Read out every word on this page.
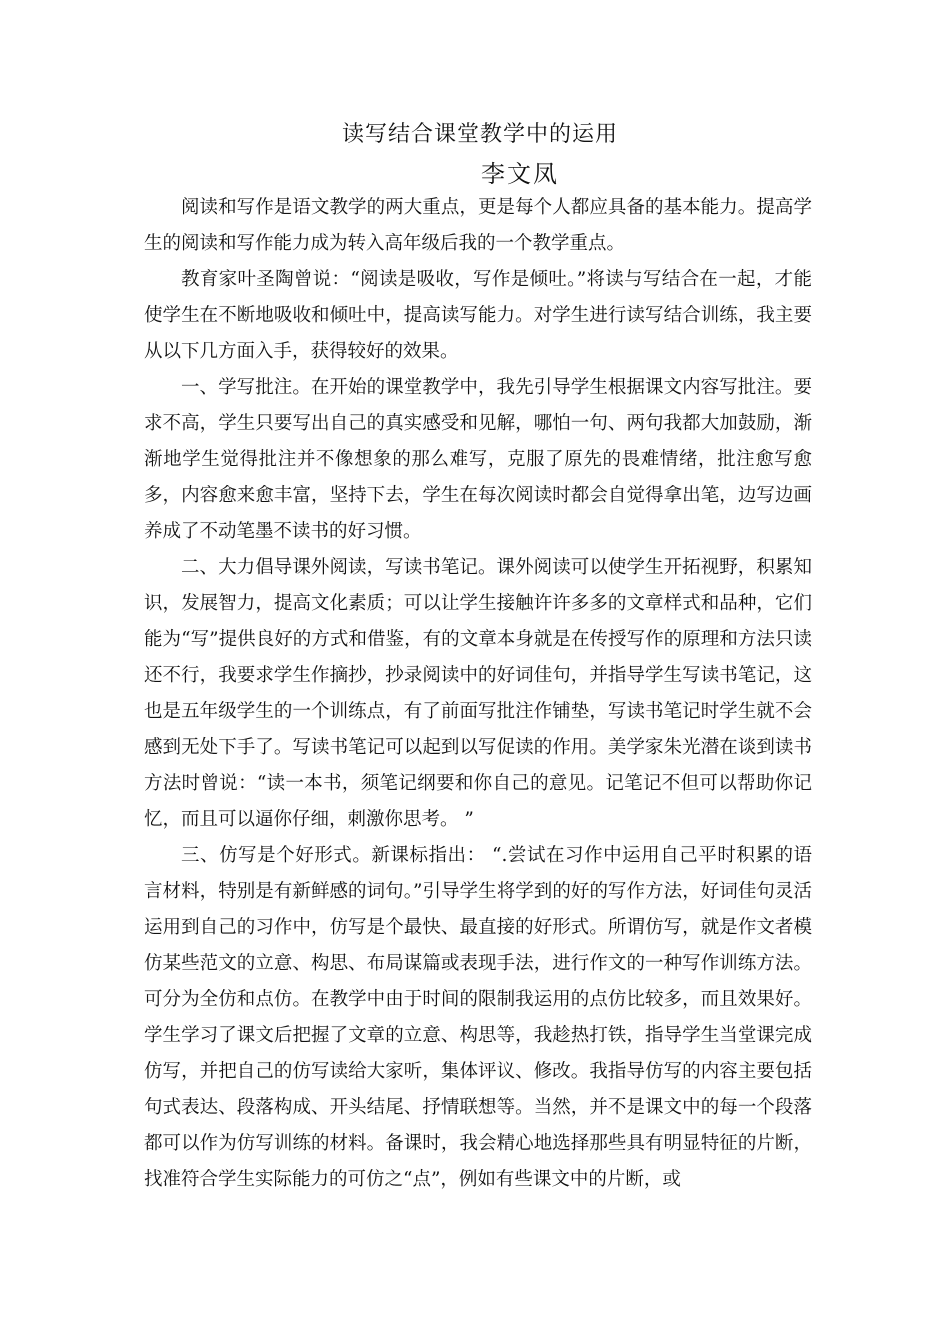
读写结合课堂教学中的运用
李文凤

阅读和写作是语文教学的两大重点，更是每个人都应具备的基本能力。提高学生的阅读和写作能力成为转入高年级后我的一个教学重点。

教育家叶圣陶曾说：“阅读是吸收，写作是倾吐。”将读与写结合在一起，才能使学生在不断地吸收和倾吐中，提高读写能力。对学生进行读写结合训练，我主要从以下几方面入手，获得较好的效果。

一、学写批注。在开始的课堂教学中，我先引导学生根据课文内容写批注。要求不高，学生只要写出自己的真实感受和见解，哪怕一句、两句我都大加鼓励，渐渐地学生觉得批注并不像想象的那么难写，克服了原先的畏难情绪，批注愈写愈多，内容愈来愈丰富，坚持下去，学生在每次阅读时都会自觉得拿出笔，边写边画养成了不动笔墨不读书的好习惯。

二、大力倡导课外阅读，写读书笔记。课外阅读可以使学生开拓视野，积累知识，发展智力，提高文化素质；可以让学生接触许许多多的文章样式和品种，它们能为“写”提供良好的方式和借鉴，有的文章本身就是在传授写作的原理和方法只读还不行，我要求学生作摘抄，抄录阅读中的好词佳句，并指导学生写读书笔记，这也是五年级学生的一个训练点，有了前面写批注作铺垫，写读书笔记时学生就不会感到无处下手了。写读书笔记可以起到以写促读的作用。美学家朱光潜在谈到读书方法时曾说：“读一本书，须笔记纲要和你自己的意见。记笔记不但可以帮助你记忆，而且可以逼你仔细，刺激你思考。 ”

三、仿写是个好形式。新课标指出： “.尝试在习作中运用自己平时积累的语言材料，特别是有新鲜感的词句。”引导学生将学到的好的写作方法，好词佳句灵活运用到自己的习作中，仿写是个最快、最直接的好形式。所谓仿写，就是作文者模仿某些范文的立意、构思、布局谋篇或表现手法，进行作文的一种写作训练方法。可分为全仿和点仿。在教学中由于时间的限制我运用的点仿比较多，而且效果好。学生学习了课文后把握了文章的立意、构思等，我趁热打铁，指导学生当堂课完成仿写，并把自己的仿写读给大家听，集体评议、修改。我指导仿写的内容主要包括句式表达、段落构成、开头结尾、抒情联想等。当然，并不是课文中的每一个段落都可以作为仿写训练的材料。备课时，我会精心地选择那些具有明显特征的片断，找准符合学生实际能力的可仿之“点”，例如有些课文中的片断，或
